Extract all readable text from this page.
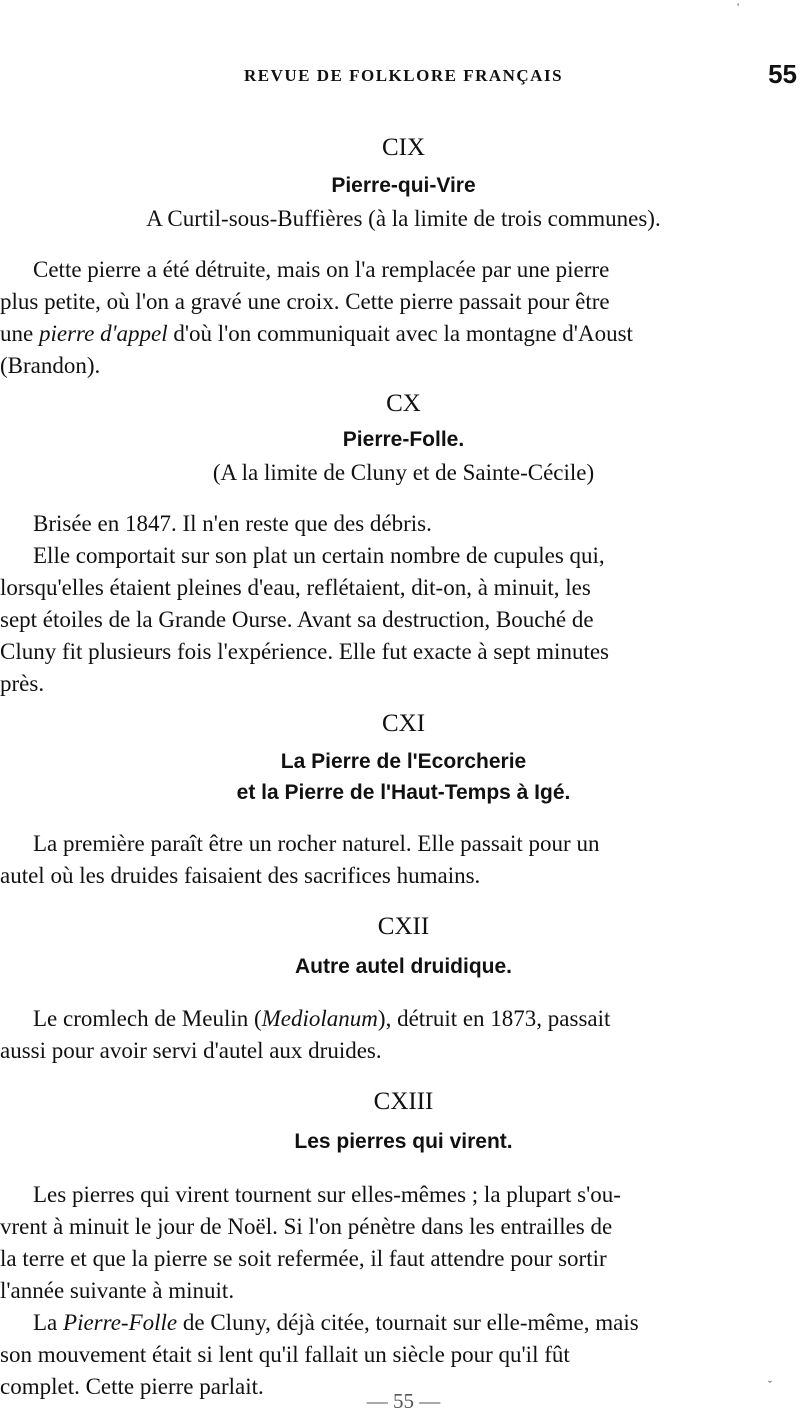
REVUE DE FOLKLORE FRANÇAIS	55
CIX
Pierre-qui-Vire
A Curtil-sous-Buffières (à la limite de trois communes).
Cette pierre a été détruite, mais on l'a remplacée par une pierre
plus petite, où l'on a gravé une croix. Cette pierre passait pour être
une pierre d'appel d'où l'on communiquait avec la montagne d'Aoust
(Brandon).
CX
Pierre-Folle.
(A la limite de Cluny et de Sainte-Cécile)
Brisée en 1847. Il n'en reste que des débris.
Elle comportait sur son plat un certain nombre de cupules qui,
lorsqu'elles étaient pleines d'eau, reflétaient, dit-on, à minuit, les
sept étoiles de la Grande Ourse. Avant sa destruction, Bouché de
Cluny fit plusieurs fois l'expérience. Elle fut exacte à sept minutes
près.
CXI
La Pierre de l'Ecorcherie
et la Pierre de l'Haut-Temps à Igé.
La première paraît être un rocher naturel. Elle passait pour un
autel où les druides faisaient des sacrifices humains.
CXII
Autre autel druidique.
Le cromlech de Meulin (Mediolanum), détruit en 1873, passait
aussi pour avoir servi d'autel aux druides.
CXIII
Les pierres qui virent.
Les pierres qui virent tournent sur elles-mêmes ; la plupart s'ou-
vrent à minuit le jour de Noël. Si l'on pénètre dans les entrailles de
la terre et que la pierre se soit refermée, il faut attendre pour sortir
l'année suivante à minuit.
La Pierre-Folle de Cluny, déjà citée, tournait sur elle-même, mais
son mouvement était si lent qu'il fallait un siècle pour qu'il fût
complet. Cette pierre parlait.
— 55 —
'
ˇ
